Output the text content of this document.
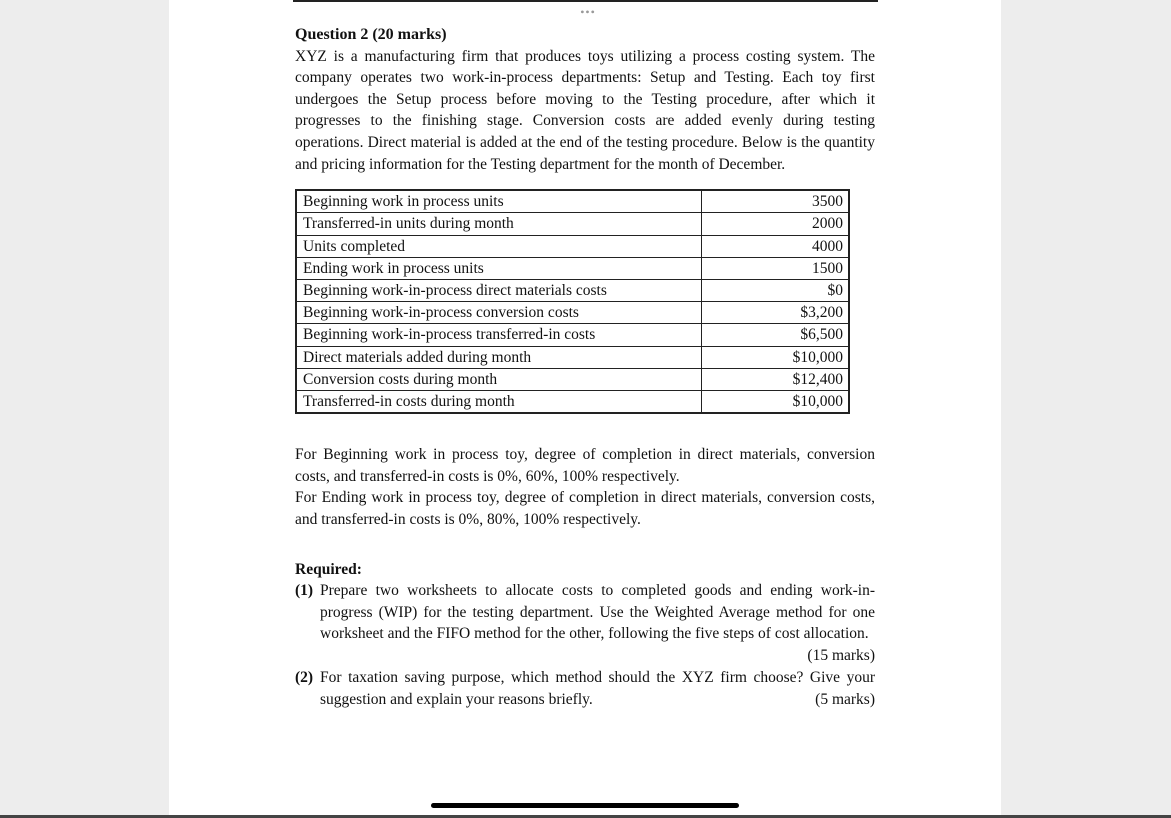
•••

Question 2 (20 marks)

XYZ is a manufacturing firm that produces toys utilizing a process costing system. The company operates two work-in-process departments: Setup and Testing. Each toy first undergoes the Setup process before moving to the Testing procedure, after which it progresses to the finishing stage. Conversion costs are added evenly during testing operations. Direct material is added at the end of the testing procedure. Below is the quantity and pricing information for the Testing department for the month of December.

Beginning work in process units	3500
Transferred-in units during month	2000
Units completed	4000
Ending work in process units	1500
Beginning work-in-process direct materials costs	$0
Beginning work-in-process conversion costs	$3,200
Beginning work-in-process transferred-in costs	$6,500
Direct materials added during month	$10,000
Conversion costs during month	$12,400
Transferred-in costs during month	$10,000

For Beginning work in process toy, degree of completion in direct materials, conversion costs, and transferred-in costs is 0%, 60%, 100% respectively.

For Ending work in process toy, degree of completion in direct materials, conversion costs, and transferred-in costs is 0%, 80%, 100% respectively.

Required:

(1) Prepare two worksheets to allocate costs to completed goods and ending work-in-progress (WIP) for the testing department. Use the Weighted Average method for one worksheet and the FIFO method for the other, following the five steps of cost allocation.
(15 marks)
(2) For taxation saving purpose, which method should the XYZ firm choose? Give your suggestion and explain your reasons briefly.	(5 marks)
